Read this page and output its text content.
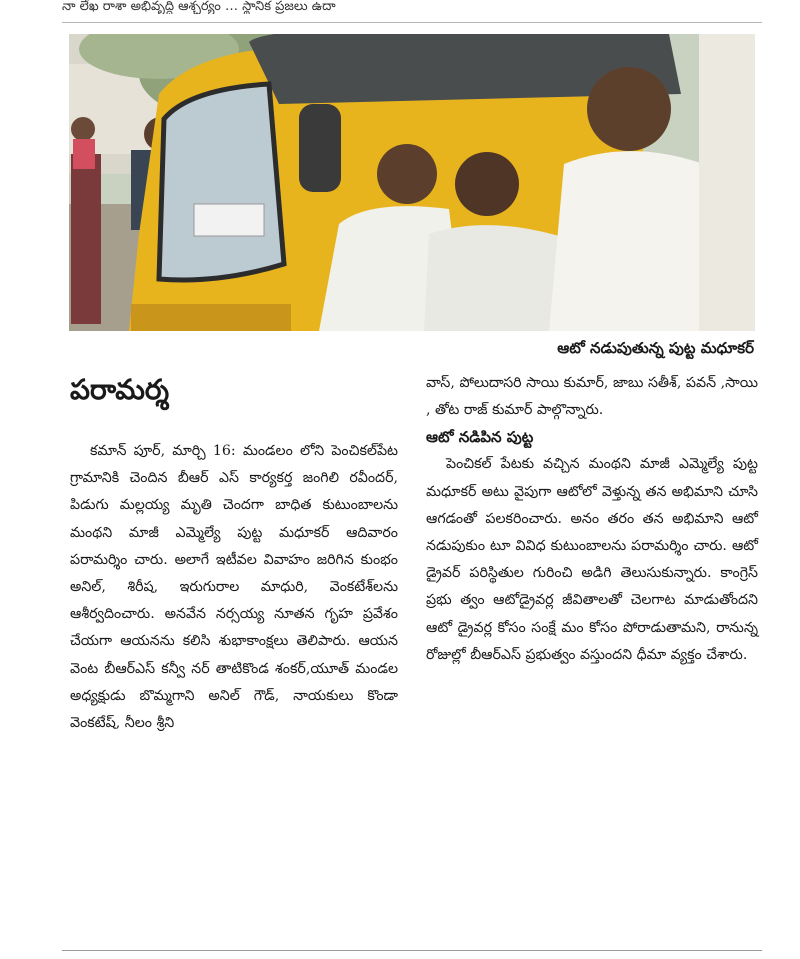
నా లేఖ రాశా అభివృద్ధి ఆశ్చర్యం … స్థానిక ప్రజలు ఉదా
ఆటో నడుపుతున్న పుట్ట మధూకర్
పరామర్శ

కమాన్ పూర్, మార్చి 16: మండలం లోని పెంచికల్‌పేట గ్రామానికి చెందిన బీఆర్ ఎస్ కార్యకర్త జంగిలి రవీందర్, పిడుగు మల్లయ్య మృతి చెందగా బాధిత కుటుంబాలను మంథని మాజీ ఎమ్మెల్యే పుట్ట మధూకర్ ఆదివారం పరామర్శిం చారు. అలాగే ఇటీవల వివాహం జరిగిన కుంభం అనిల్, శిరీష, ఇరుగురాల మాధురి, వెంకటేశ్‌లను ఆశీర్వదించారు. అనవేన నర్సయ్య నూతన గృహ ప్రవేశం చేయగా ఆయనను కలిసి శుభాకాంక్షలు తెలిపారు. ఆయన వెంట బీఆర్ఎస్ కన్వీ నర్ తాటికొండ శంకర్,యూత్ మండల అధ్యక్షుడు బొమ్మగాని అనిల్ గౌడ్, నాయకులు కొండా వెంకటేష్, నీలం శ్రీని

వాస్, పోలుదాసరి సాయి కుమార్, జాబు సతీశ్, పవన్ ,సాయి , తోట రాజ్ కుమార్ పాల్గొన్నారు.

ఆటో నడిపిన పుట్ట

పెంచికల్ పేటకు వచ్చిన మంథని మాజీ ఎమ్మెల్యే పుట్ట మధూకర్ అటు వైపుగా ఆటోలో వెళ్తున్న తన అభిమాని చూసి ఆగడంతో పలకరించారు. అనం తరం తన అభిమాని ఆటో నడుపుకుం టూ వివిధ కుటుంబాలను పరామర్శిం చారు. ఆటో డ్రైవర్ పరిస్థితుల గురించి అడిగి తెలుసుకున్నారు. కాంగ్రెస్ ప్రభు త్వం ఆటోడ్రైవర్ల జీవితాలతో చెలగాట మాడుతోందని ఆటో డ్రైవర్ల కోసం సంక్షే మం కోసం పోరాడుతామని, రానున్న రోజుల్లో బీఆర్ఎస్ ప్రభుత్వం వస్తుందని ధీమా వ్యక్తం చేశారు.
